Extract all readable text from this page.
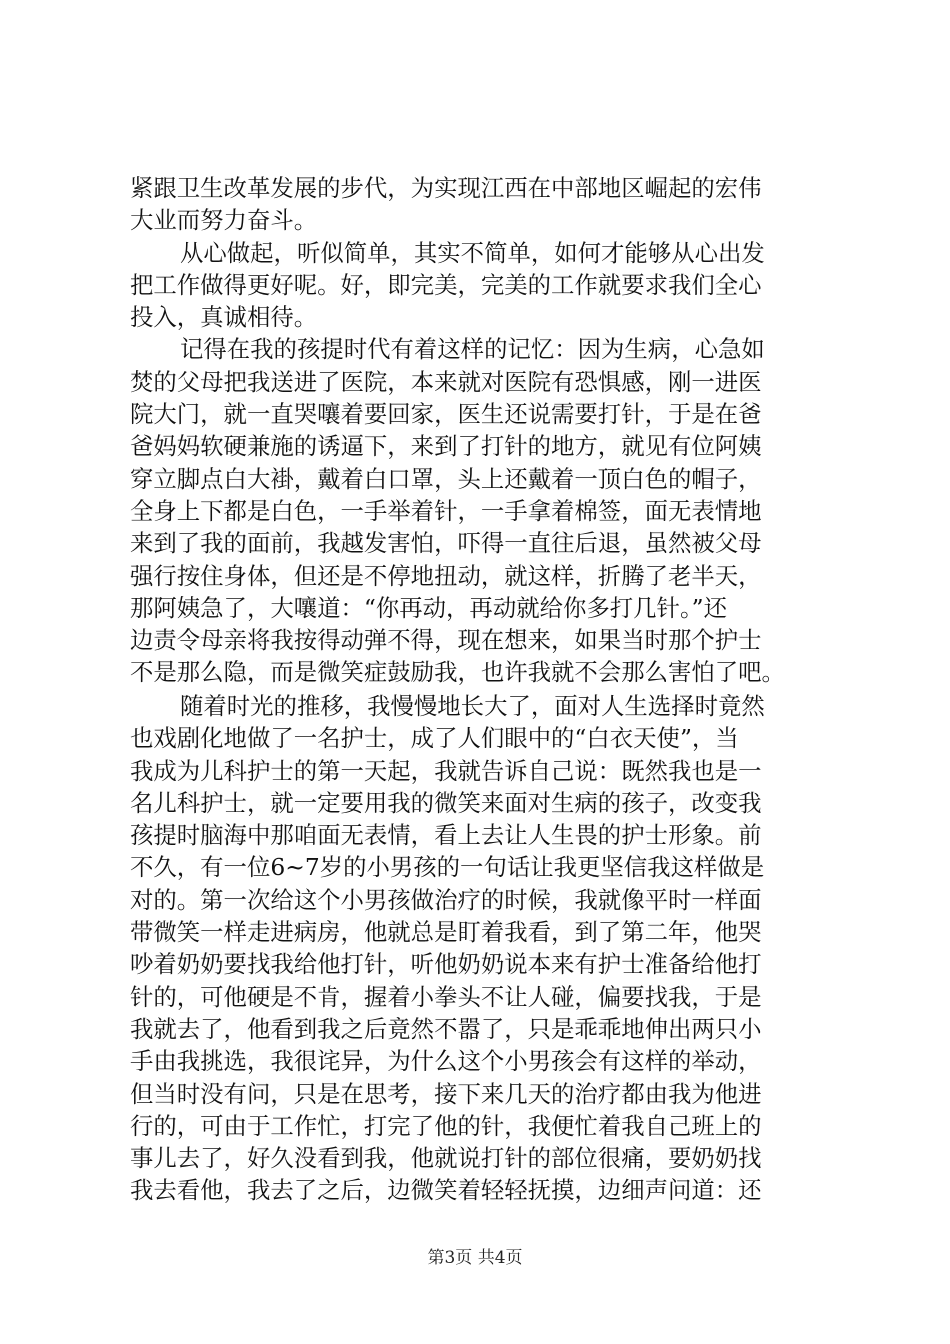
紧跟卫生改革发展的步代，为实现江西在中部地区崛起的宏伟
大业而努力奋斗。
从心做起，听似简单，其实不简单，如何才能够从心出发
把工作做得更好呢。好，即完美，完美的工作就要求我们全心
投入，真诚相待。
记得在我的孩提时代有着这样的记忆：因为生病，心急如
焚的父母把我送进了医院，本来就对医院有恐惧感，刚一进医
院大门，就一直哭嚷着要回家，医生还说需要打针，于是在爸
爸妈妈软硬兼施的诱逼下，来到了打针的地方，就见有位阿姨
穿立脚点白大褂，戴着白口罩，头上还戴着一顶白色的帽子，
全身上下都是白色，一手举着针，一手拿着棉签，面无表情地
来到了我的面前，我越发害怕，吓得一直往后退，虽然被父母
强行按住身体，但还是不停地扭动，就这样，折腾了老半天，
那阿姨急了，大嚷道：“你再动，再动就给你多打几针。”还
边责令母亲将我按得动弹不得，现在想来，如果当时那个护士
不是那么隐，而是微笑症鼓励我，也许我就不会那么害怕了吧。
随着时光的推移，我慢慢地长大了，面对人生选择时竟然
也戏剧化地做了一名护士，成了人们眼中的“白衣天使”，当
我成为儿科护士的第一天起，我就告诉自己说：既然我也是一
名儿科护士，就一定要用我的微笑来面对生病的孩子，改变我
孩提时脑海中那咱面无表情，看上去让人生畏的护士形象。前
不久，有一位6~7岁的小男孩的一句话让我更坚信我这样做是
对的。第一次给这个小男孩做治疗的时候，我就像平时一样面
带微笑一样走进病房，他就总是盯着我看，到了第二年，他哭
吵着奶奶要找我给他打针，听他奶奶说本来有护士准备给他打
针的，可他硬是不肯，握着小拳头不让人碰，偏要找我，于是
我就去了，他看到我之后竟然不嚣了，只是乖乖地伸出两只小
手由我挑选，我很诧异，为什么这个小男孩会有这样的举动，
但当时没有问，只是在思考，接下来几天的治疗都由我为他进
行的，可由于工作忙，打完了他的针，我便忙着我自己班上的
事儿去了，好久没看到我，他就说打针的部位很痛，要奶奶找
我去看他，我去了之后，边微笑着轻轻抚摸，边细声问道：还
第3页 共4页
